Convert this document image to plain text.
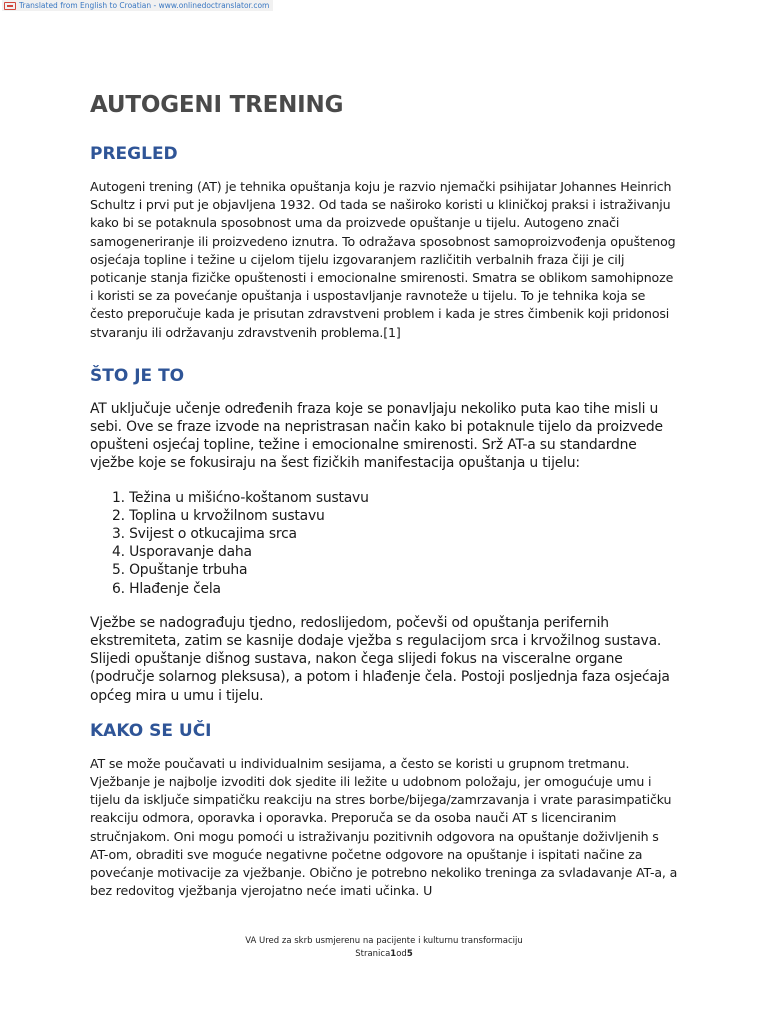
Translated from English to Croatian - www.onlinedoctranslator.com
AUTOGENI TRENING
PREGLED

Autogeni trening (AT) je tehnika opuštanja koju je razvio njemački psihijatar Johannes Heinrich Schultz i prvi put je objavljena 1932. Od tada se naširoko koristi u kliničkoj praksi i istraživanju kako bi se potaknula sposobnost uma da proizvede opuštanje u tijelu. Autogeno znači samogeneriranje ili proizvedeno iznutra. To odražava sposobnost samoproizvođenja opuštenog osjećaja topline i težine u cijelom tijelu izgovaranjem različitih verbalnih fraza čiji je cilj poticanje stanja fizičke opuštenosti i emocionalne smirenosti. Smatra se oblikom samohipnoze i koristi se za povećanje opuštanja i uspostavljanje ravnoteže u tijelu. To je tehnika koja se često preporučuje kada je prisutan zdravstveni problem i kada je stres čimbenik koji pridonosi stvaranju ili održavanju zdravstvenih problema.[1]

ŠTO JE TO

AT uključuje učenje određenih fraza koje se ponavljaju nekoliko puta kao tihe misli u sebi. Ove se fraze izvode na nepristrasan način kako bi potaknule tijelo da proizvede opušteni osjećaj topline, težine i emocionalne smirenosti. Srž AT-a su standardne vježbe koje se fokusiraju na šest fizičkih manifestacija opuštanja u tijelu:

1. Težina u mišićno-koštanom sustavu
2. Toplina u krvožilnom sustavu
3. Svijest o otkucajima srca
4. Usporavanje daha
5. Opuštanje trbuha
6. Hlađenje čela

Vježbe se nadograđuju tjedno, redoslijedom, počevši od opuštanja perifernih ekstremiteta, zatim se kasnije dodaje vježba s regulacijom srca i krvožilnog sustava. Slijedi opuštanje dišnog sustava, nakon čega slijedi fokus na visceralne organe (područje solarnog pleksusa), a potom i hlađenje čela. Postoji posljednja faza osjećaja općeg mira u umu i tijelu.

KAKO SE UČI

AT se može poučavati u individualnim sesijama, a često se koristi u grupnom tretmanu. Vježbanje je najbolje izvoditi dok sjedite ili ležite u udobnom položaju, jer omogućuje umu i tijelu da isključe simpatičku reakciju na stres borbe/bijega/zamrzavanja i vrate parasimpatičku reakciju odmora, oporavka i oporavka. Preporuča se da osoba nauči AT s licenciranim stručnjakom. Oni mogu pomoći u istraživanju pozitivnih odgovora na opuštanje doživljenih s AT-om, obraditi sve moguće negativne početne odgovore na opuštanje i ispitati načine za povećanje motivacije za vježbanje. Obično je potrebno nekoliko treninga za svladavanje AT-a, a bez redovitog vježbanja vjerojatno neće imati učinka. U

VA Ured za skrb usmjerenu na pacijente i kulturnu transformaciju
Stranica1od5
